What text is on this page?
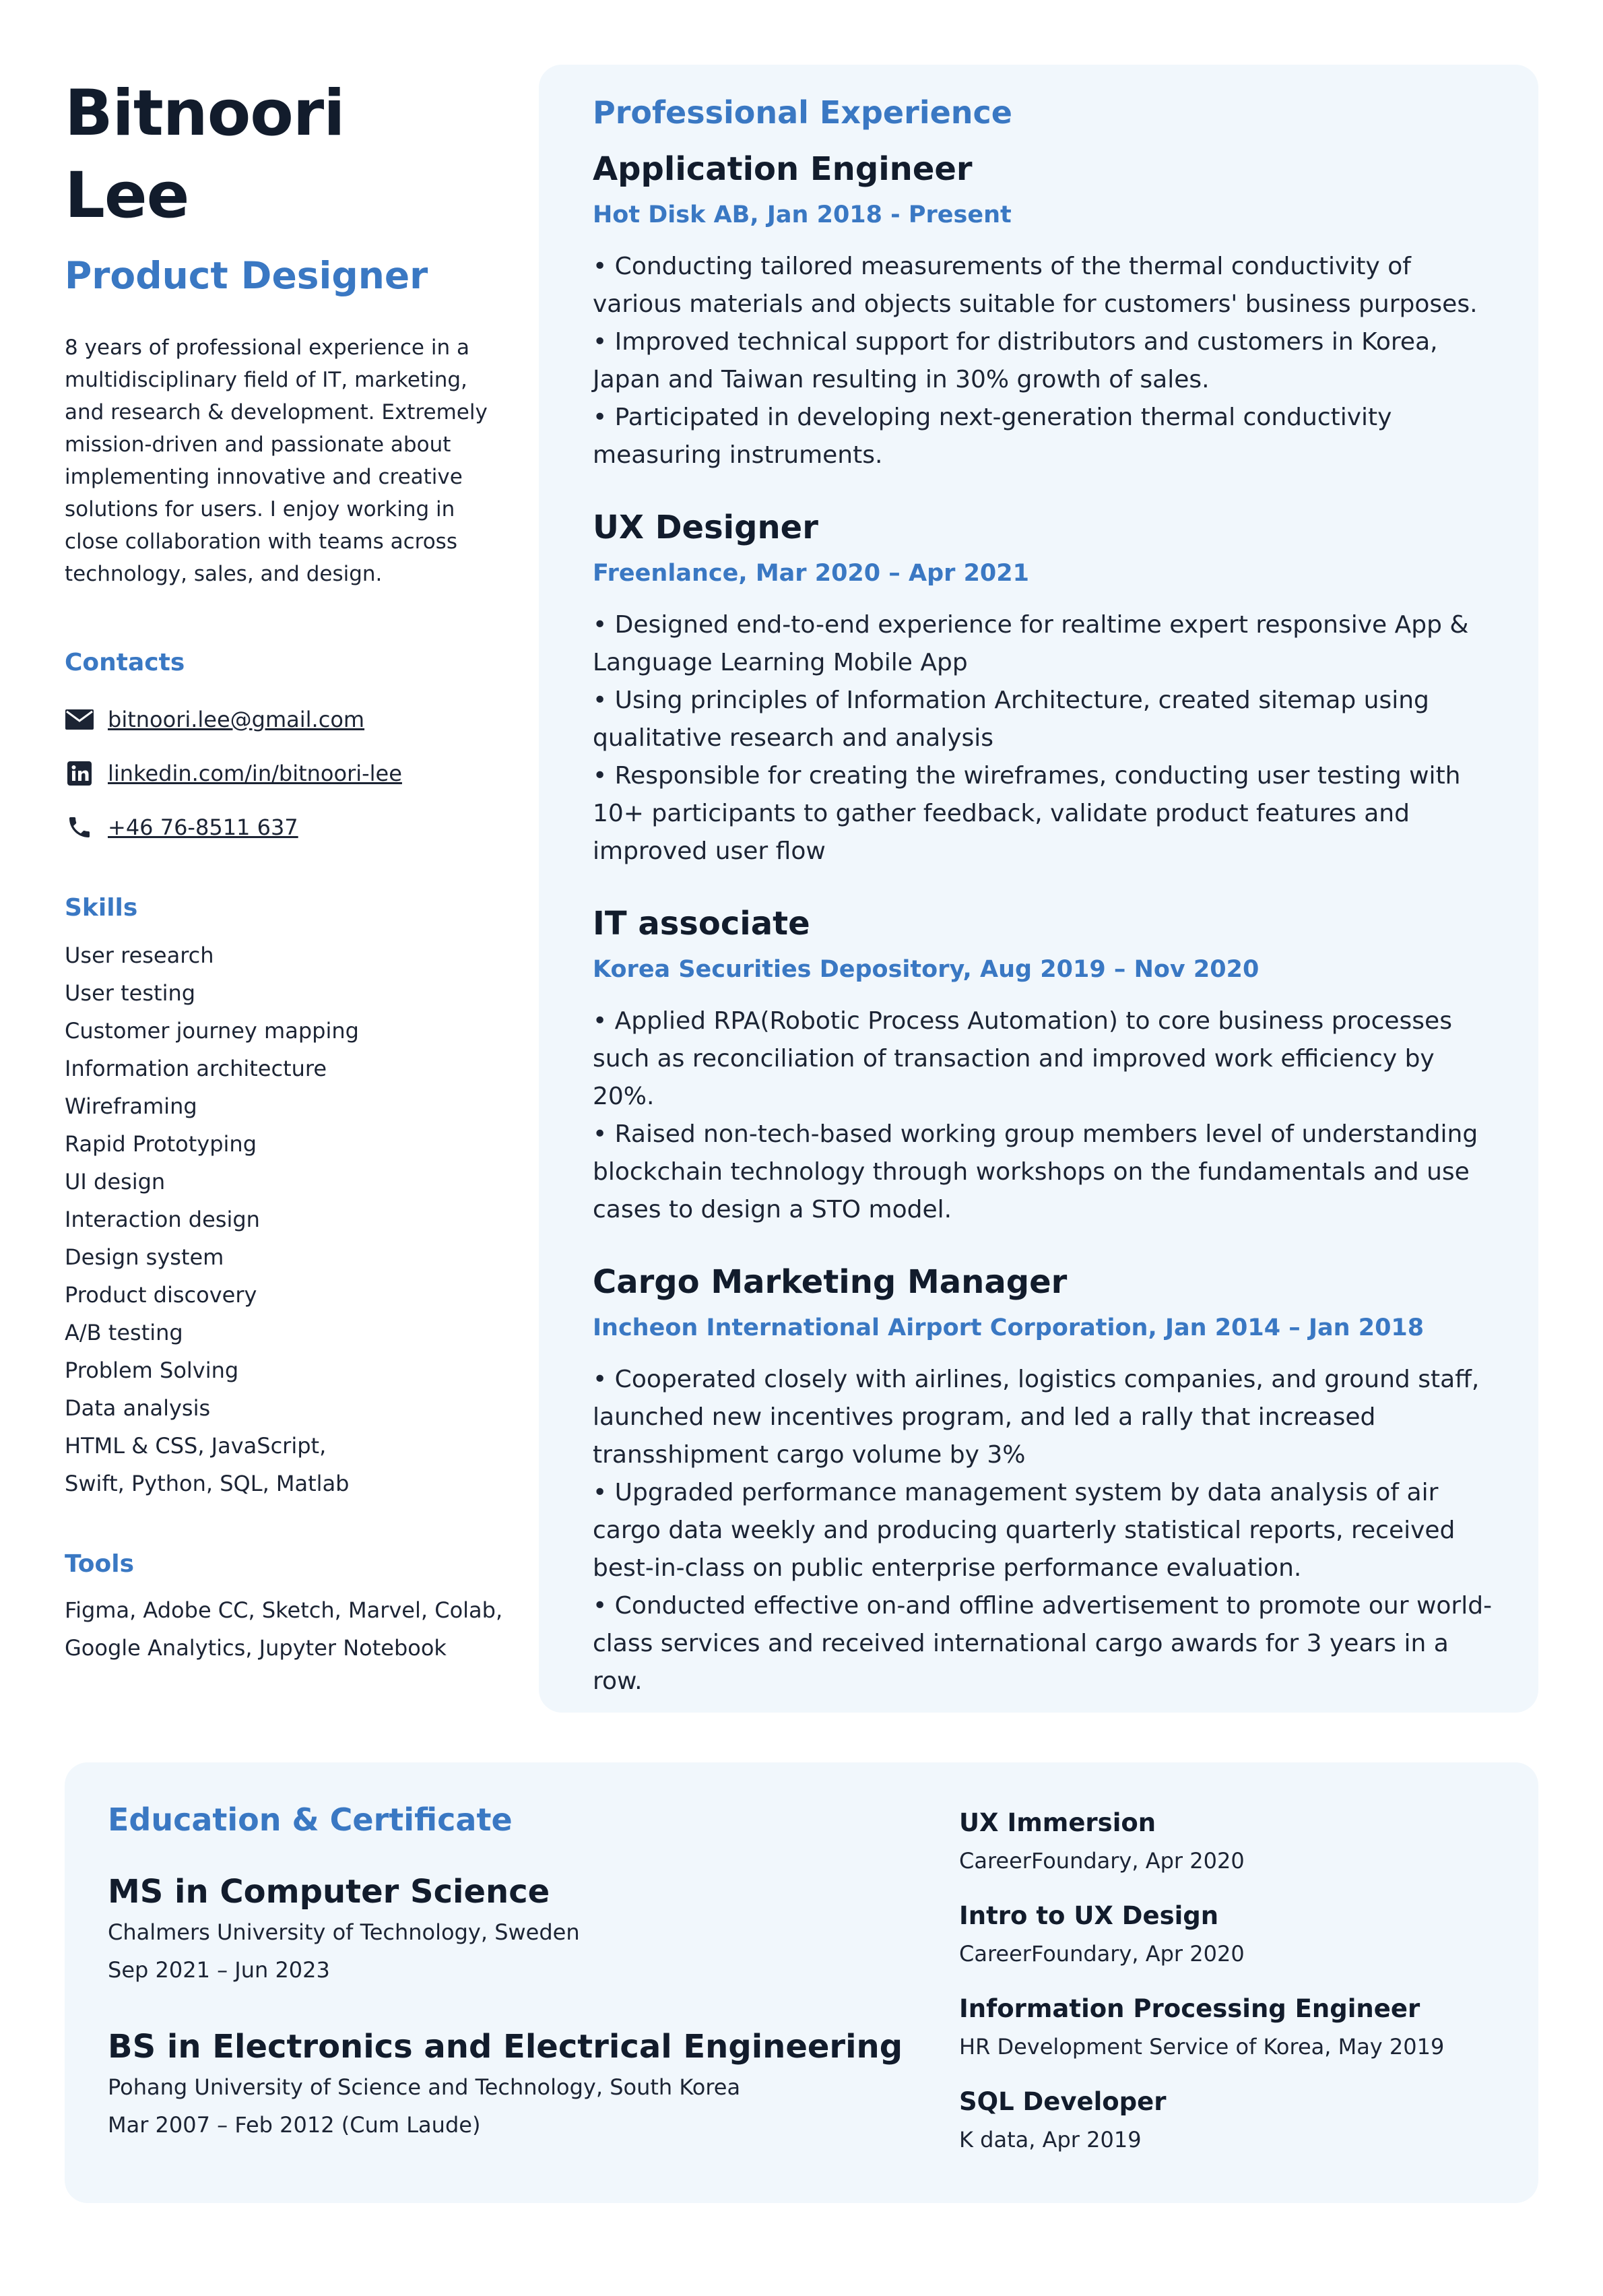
Bitnoori
Lee
Product Designer

8 years of professional experience in a multidisciplinary field of IT, marketing, and research & development. Extremely mission-driven and passionate about implementing innovative and creative solutions for users. I enjoy working in close collaboration with teams across technology, sales, and design.

Contacts
bitnoori.lee@gmail.com
linkedin.com/in/bitnoori-lee
+46 76-8511 637
Skills
User research
User testing
Customer journey mapping
Information architecture
Wireframing
Rapid Prototyping
UI design
Interaction design
Design system
Product discovery
A/B testing
Problem Solving
Data analysis
HTML & CSS, JavaScript,
Swift, Python, SQL, Matlab
Tools

Figma, Adobe CC, Sketch, Marvel, Colab, Google Analytics, Jupyter Notebook

Professional Experience
Application Engineer

Hot Disk AB, Jan 2018 - Present

• Conducting tailored measurements of the thermal conductivity of various materials and objects suitable for customers' business purposes.
• Improved technical support for distributors and customers in Korea, Japan and Taiwan resulting in 30% growth of sales.
• Participated in developing next-generation thermal conductivity measuring instruments.
UX Designer

Freenlance, Mar 2020 – Apr 2021

• Designed end-to-end experience for realtime expert responsive App & Language Learning Mobile App
• Using principles of Information Architecture, created sitemap using qualitative research and analysis
• Responsible for creating the wireframes, conducting user testing with 10+ participants to gather feedback, validate product features and improved user flow
IT associate

Korea Securities Depository, Aug 2019 – Nov 2020

• Applied RPA(Robotic Process Automation) to core business processes such as reconciliation of transaction and improved work efficiency by 20%.
• Raised non-tech-based working group members level of understanding blockchain technology through workshops on the fundamentals and use cases to design a STO model.
Cargo Marketing Manager

Incheon International Airport Corporation, Jan 2014 – Jan 2018

• Cooperated closely with airlines, logistics companies, and ground staff, launched new incentives program, and led a rally that increased transshipment cargo volume by 3%
• Upgraded performance management system by data analysis of air cargo data weekly and producing quarterly statistical reports, received best-in-class on public enterprise performance evaluation.
• Conducted effective on-and offline advertisement to promote our world-class services and received international cargo awards for 3 years in a row.
Education & Certificate
MS in Computer Science

Chalmers University of Technology, Sweden

Sep 2021 – Jun 2023

BS in Electronics and Electrical Engineering

Pohang University of Science and Technology, South Korea

Mar 2007 – Feb 2012 (Cum Laude)

UX Immersion

CareerFoundary, Apr 2020

Intro to UX Design

CareerFoundary, Apr 2020

Information Processing Engineer

HR Development Service of Korea, May 2019

SQL Developer

K data, Apr 2019
